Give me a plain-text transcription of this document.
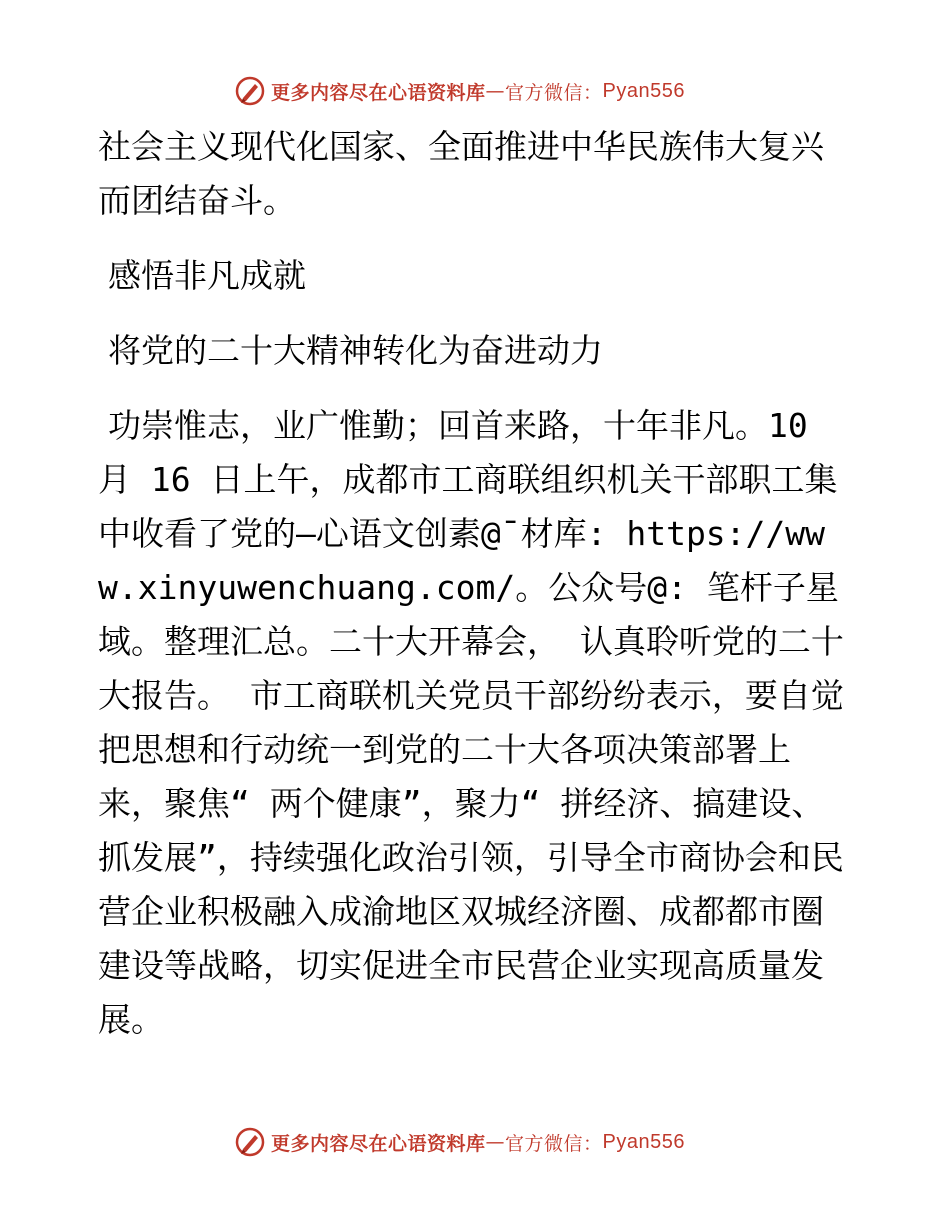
更多内容尽在心语资料库 — 官方微信： Pyan556

社会主义现代化国家、全面推进中华民族伟大复兴而团结奋斗。

感悟非凡成就

将党的二十大精神转化为奋进动力

功崇惟志，业广惟勤；回首来路，十年非凡。10 月 16 日上午，成都市工商联组织机关干部职工集中收看了党的—心语文创素@¯材库: https://www.xinyuwenchuang.com/。公众号@: 笔杆子星域。整理汇总。二十大开幕会， 认真聆听党的二十大报告。 市工商联机关党员干部纷纷表示，要自觉把思想和行动统一到党的二十大各项决策部署上来，聚焦“ 两个健康”，聚力“ 拼经济、搞建设、抓发展”，持续强化政治引领，引导全市商协会和民营企业积极融入成渝地区双城经济圈、成都都市圈建设等战略，切实促进全市民营企业实现高质量发展。

更多内容尽在心语资料库 — 官方微信： Pyan556
